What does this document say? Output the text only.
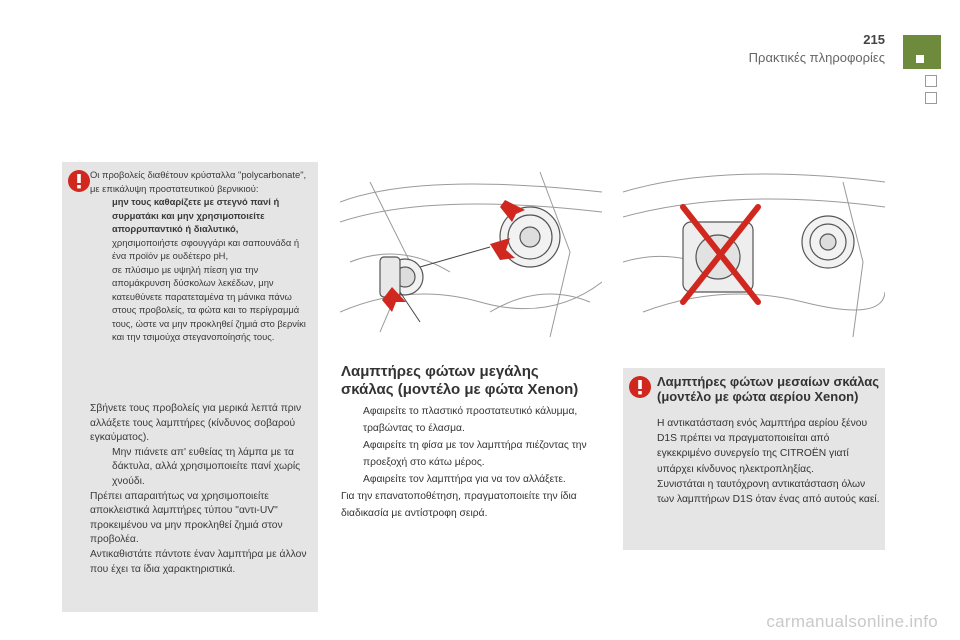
215
Πρακτικές πληροφορίες
Οι προβολείς διαθέτουν κρύσταλλα "polycarbonate", με επικάλυψη προστατευτικού βερνικιού:
μην τους καθαρίζετε με στεγνό πανί ή συρματάκι και μην χρησιμοποιείτε απορρυπαντικό ή διαλυτικό,
χρησιμοποιήστε σφουγγάρι και σαπουνάδα ή ένα προϊόν με ουδέτερο pH,
σε πλύσιμο με υψηλή πίεση για την απομάκρυνση δύσκολων λεκέδων, μην κατευθύνετε παρατεταμένα τη μάνικα πάνω στους προβολείς, τα φώτα και το περίγραμμά τους, ώστε να μην προκληθεί ζημιά στο βερνίκι και την τσιμούχα στεγανοποίησής τους.
Σβήνετε τους προβολείς για μερικά λεπτά πριν αλλάξετε τους λαμπτήρες (κίνδυνος σοβαρού εγκαύματος).
Μην πιάνετε απ' ευθείας τη λάμπα με τα δάκτυλα, αλλά χρησιμοποιείτε πανί χωρίς χνούδι.
Πρέπει απαραιτήτως να χρησιμοποιείτε αποκλειστικά λαμπτήρες τύπου "αντι-UV" προκειμένου να μην προκληθεί ζημιά στον προβολέα.
Αντικαθιστάτε πάντοτε έναν λαμπτήρα με άλλον που έχει τα ίδια χαρακτηριστικά.
Λαμπτήρες φώτων μεγάλης
σκάλας (μοντέλο με φώτα Xenon)
Αφαιρείτε το πλαστικό προστατευτικό κάλυμμα, τραβώντας το έλασμα.
Αφαιρείτε τη φίσα με τον λαμπτήρα πιέζοντας την προεξοχή στο κάτω μέρος.
Αφαιρείτε τον λαμπτήρα για να τον αλλάξετε.
Για την επανατοποθέτηση, πραγματοποιείτε την ίδια διαδικασία με αντίστροφη σειρά.
Λαμπτήρες φώτων μεσαίων σκάλας (μοντέλο με φώτα αερίου Xenon)
Η αντικατάσταση ενός λαμπτήρα αερίου ξένου D1S πρέπει να πραγματοποιείται από εγκεκριμένο συνεργείο της CITROËN γιατί υπάρχει κίνδυνος ηλεκτροπληξίας.
Συνιστάται η ταυτόχρονη αντικατάσταση όλων των λαμπτήρων D1S όταν ένας από αυτούς καεί.
carmanualsonline.info
